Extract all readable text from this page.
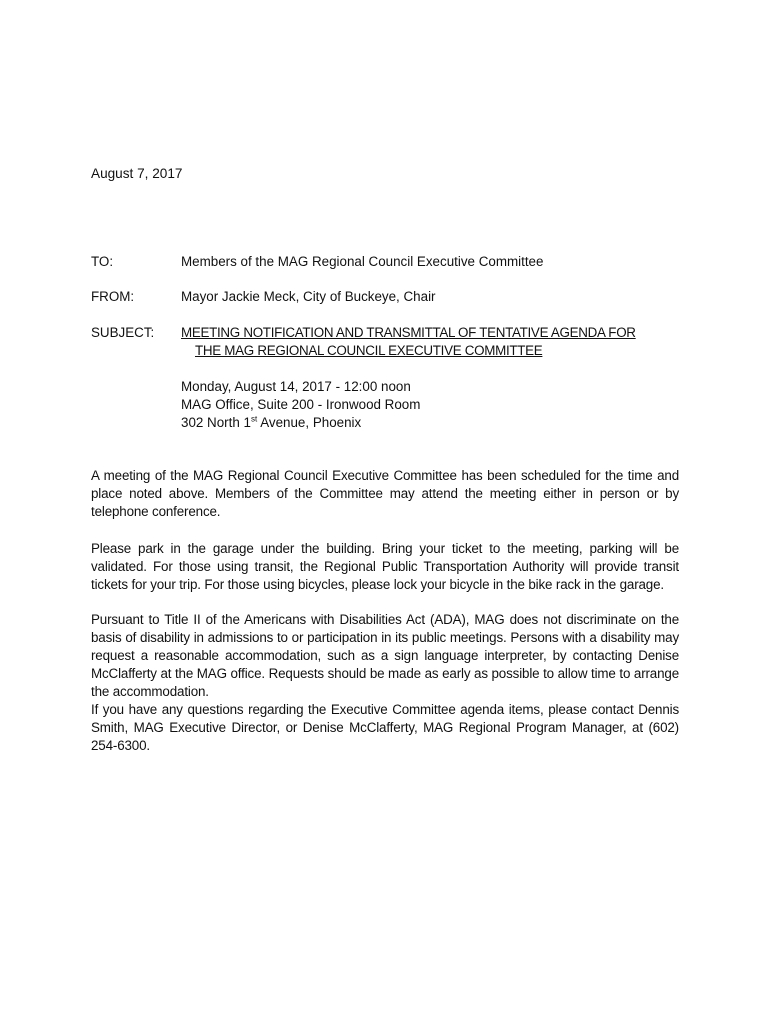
August 7, 2017
TO:	Members of the MAG Regional Council Executive Committee
FROM:	Mayor Jackie Meck, City of Buckeye, Chair
SUBJECT:	MEETING NOTIFICATION AND TRANSMITTAL OF TENTATIVE AGENDA FOR
THE MAG REGIONAL COUNCIL EXECUTIVE COMMITTEE
Monday, August 14, 2017 - 12:00 noon
MAG Office, Suite 200 - Ironwood Room
302 North 1st Avenue, Phoenix

A meeting of the MAG Regional Council Executive Committee has been scheduled for the time and place noted above. Members of the Committee may attend the meeting either in person or by telephone conference.

Please park in the garage under the building. Bring your ticket to the meeting, parking will be validated. For those using transit, the Regional Public Transportation Authority will provide transit tickets for your trip. For those using bicycles, please lock your bicycle in the bike rack in the garage.

Pursuant to Title II of the Americans with Disabilities Act (ADA), MAG does not discriminate on the basis of disability in admissions to or participation in its public meetings. Persons with a disability may request a reasonable accommodation, such as a sign language interpreter, by contacting Denise McClafferty at the MAG office. Requests should be made as early as possible to allow time to arrange the accommodation.

If you have any questions regarding the Executive Committee agenda items, please contact Dennis Smith, MAG Executive Director, or Denise McClafferty, MAG Regional Program Manager, at (602) 254-6300.
